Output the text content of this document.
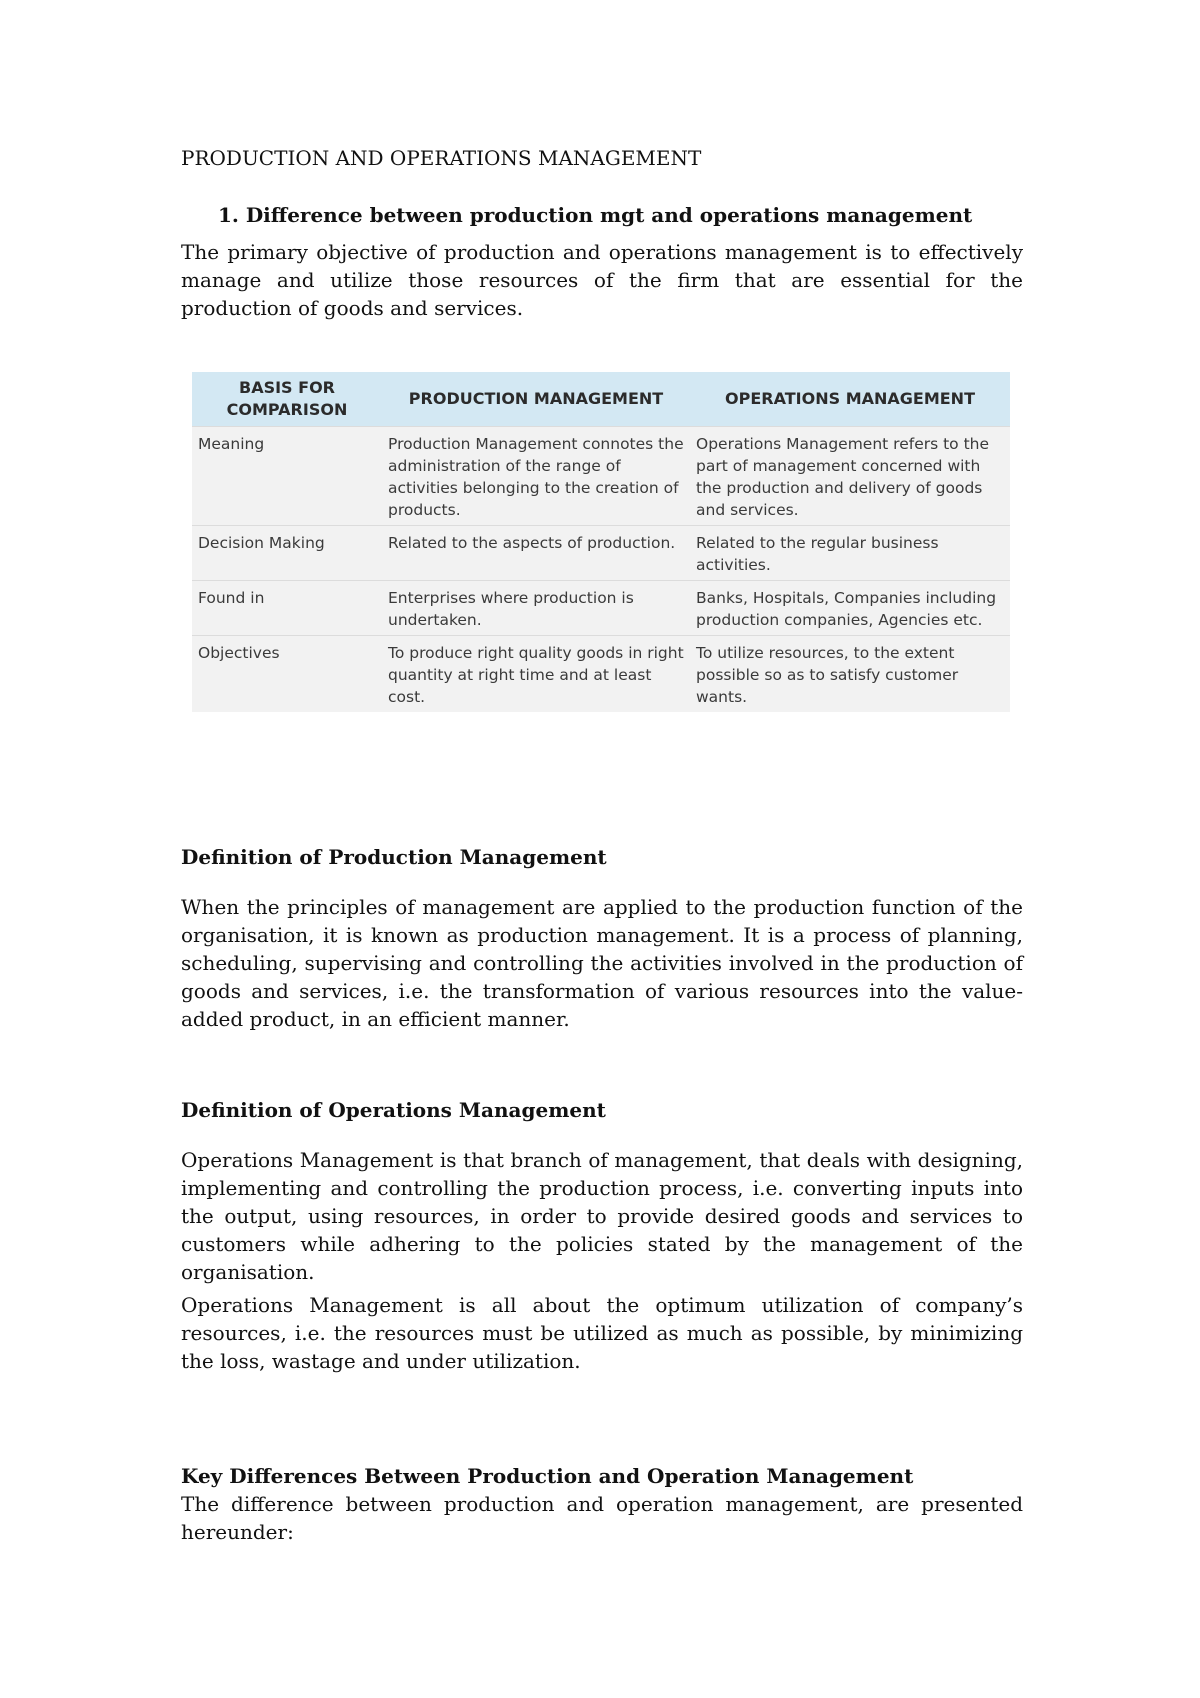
PRODUCTION AND OPERATIONS MANAGEMENT
1. Difference between production mgt and operations management

The primary objective of production and operations management is to effectively manage and utilize those resources of the firm that are essential for the production of goods and services.

BASIS FOR COMPARISON	PRODUCTION MANAGEMENT	OPERATIONS MANAGEMENT
Meaning	Production Management connotes the administration of the range of activities belonging to the creation of products.	Operations Management refers to the part of management concerned with the production and delivery of goods and services.
Decision Making	Related to the aspects of production.	Related to the regular business activities.
Found in	Enterprises where production is undertaken.	Banks, Hospitals, Companies including production companies, Agencies etc.
Objectives	To produce right quality goods in right quantity at right time and at least cost.	To utilize resources, to the extent possible so as to satisfy customer wants.
Definition of Production Management

When the principles of management are applied to the production function of the organisation, it is known as production management. It is a process of planning, scheduling, supervising and controlling the activities involved in the production of goods and services, i.e. the transformation of various resources into the value-added product, in an efficient manner.

Definition of Operations Management

Operations Management is that branch of management, that deals with designing, implementing and controlling the production process, i.e. converting inputs into the output, using resources, in order to provide desired goods and services to customers while adhering to the policies stated by the management of the organisation.

Operations Management is all about the optimum utilization of company’s resources, i.e. the resources must be utilized as much as possible, by minimizing the loss, wastage and under utilization.

Key Differences Between Production and Operation Management

The difference between production and operation management, are presented hereunder:
